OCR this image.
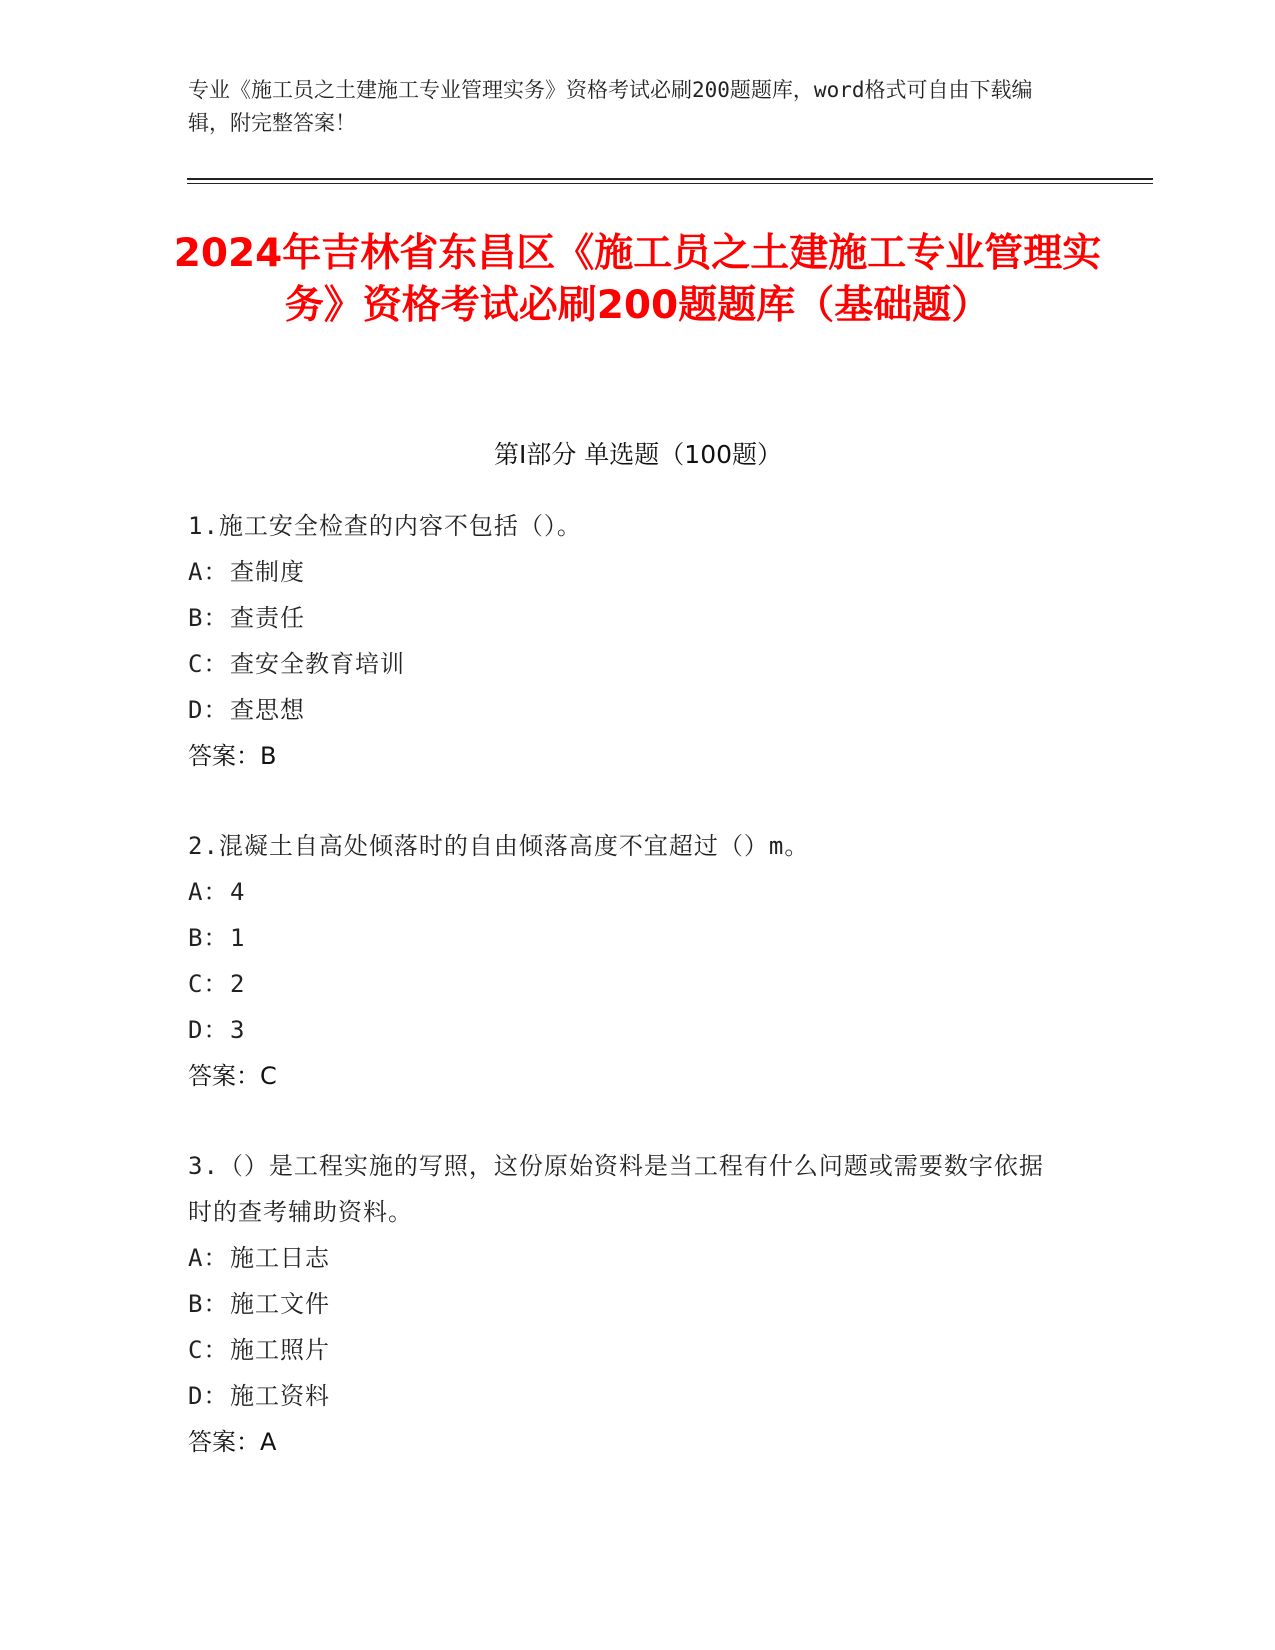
专业《施工员之土建施工专业管理实务》资格考试必刷200题题库，word格式可自由下载编辑，附完整答案！
2024年吉林省东昌区《施工员之土建施工专业管理实务》资格考试必刷200题题库（基础题）
第I部分 单选题（100题）
1.施工安全检查的内容不包括（）。
A：查制度
B：查责任
C：查安全教育培训
D：查思想
答案：B
2.混凝土自高处倾落时的自由倾落高度不宜超过（）m。
A：4
B：1
C：2
D：3
答案：C
3.（）是工程实施的写照，这份原始资料是当工程有什么问题或需要数字依据时的查考辅助资料。
A：施工日志
B：施工文件
C：施工照片
D：施工资料
答案：A
